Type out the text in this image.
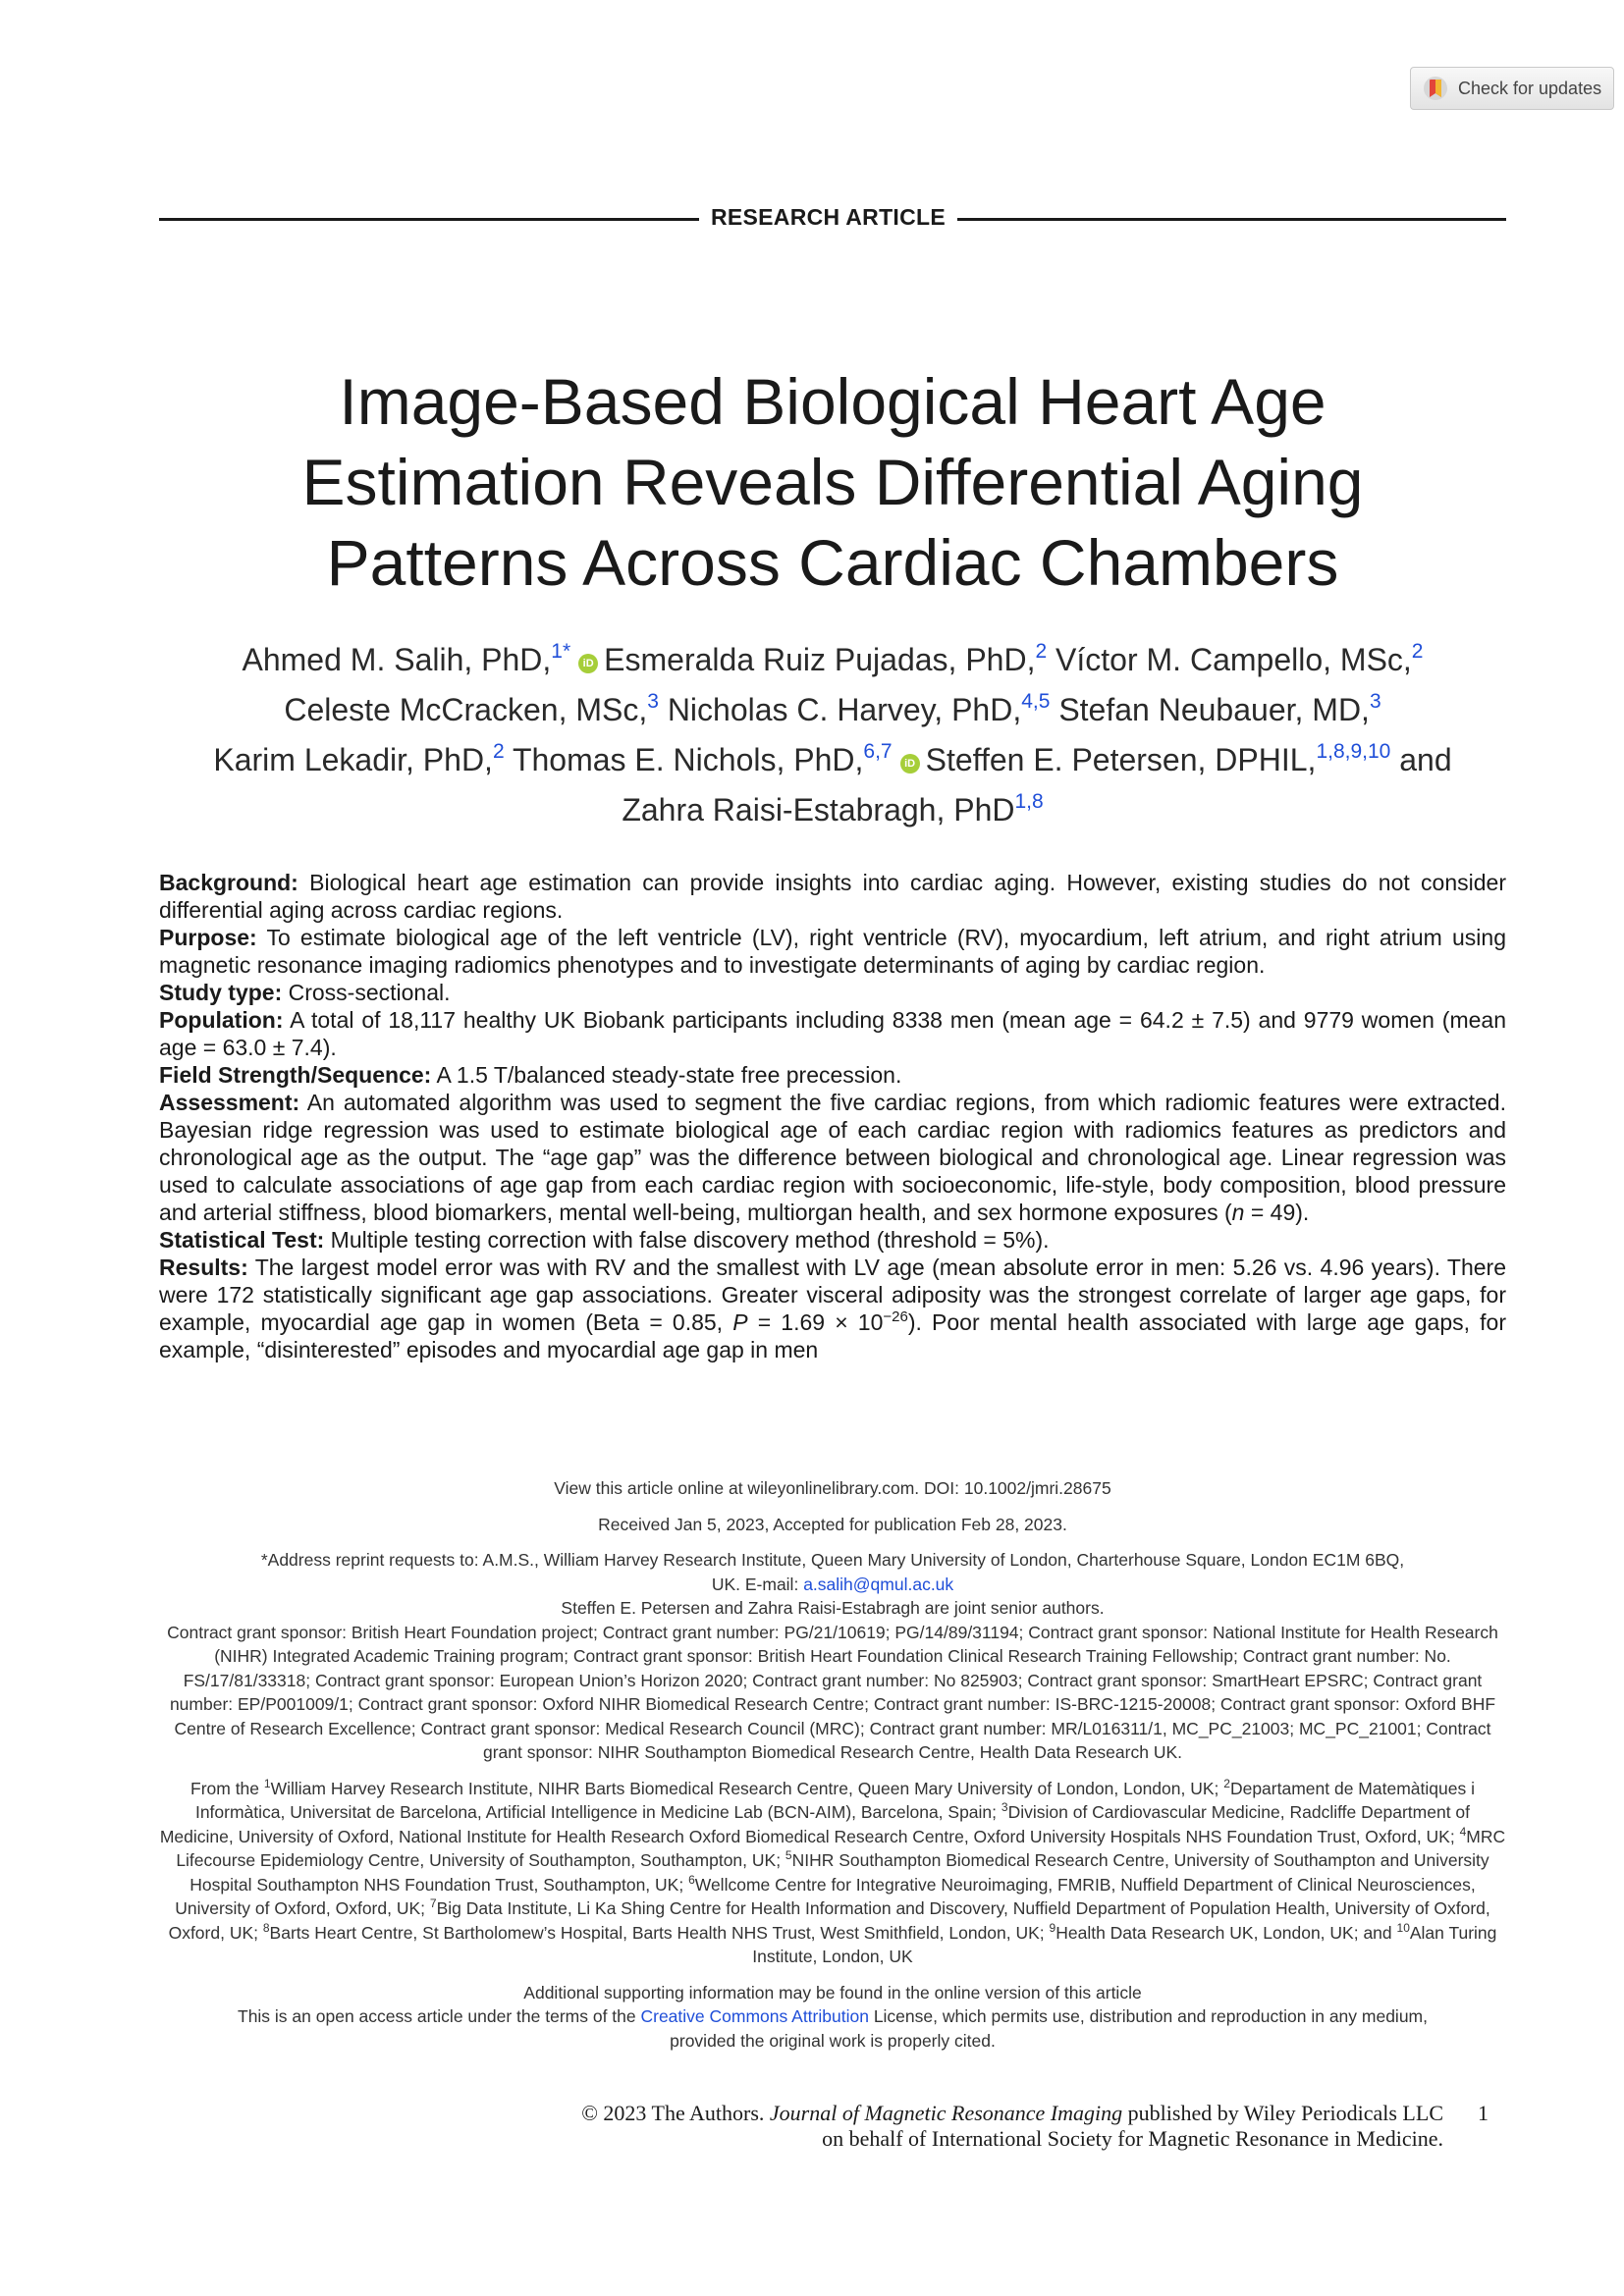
Check for updates
RESEARCH ARTICLE
Image-Based Biological Heart Age
Estimation Reveals Differential Aging
Patterns Across Cardiac Chambers
Ahmed M. Salih, PhD,$^{1*}$iD Esmeralda Ruiz Pujadas, PhD,$^2$ Víctor M. Campello, MSc,$^2$
Celeste McCracken, MSc,$^3$ Nicholas C. Harvey, PhD,$^{4,5}$ Stefan Neubauer, MD,$^3$
Karim Lekadir, PhD,$^2$ Thomas E. Nichols, PhD,$^{6,7}$iD Steffen E. Petersen, DPHIL,$^{1,8,9,10}$ and
Zahra Raisi-Estabragh, PhD$^{1,8}$

Background: Biological heart age estimation can provide insights into cardiac aging. However, existing studies do not consider differential aging across cardiac regions.

Purpose: To estimate biological age of the left ventricle (LV), right ventricle (RV), myocardium, left atrium, and right atrium using magnetic resonance imaging radiomics phenotypes and to investigate determinants of aging by cardiac region.

Study type: Cross-sectional.

Population: A total of 18,117 healthy UK Biobank participants including 8338 men (mean age = 64.2 ± 7.5) and 9779 women (mean age = 63.0 ± 7.4).

Field Strength/Sequence: A 1.5 T/balanced steady-state free precession.

Assessment: An automated algorithm was used to segment the five cardiac regions, from which radiomic features were extracted. Bayesian ridge regression was used to estimate biological age of each cardiac region with radiomics features as predictors and chronological age as the output. The “age gap” was the difference between biological and chronological age. Linear regression was used to calculate associations of age gap from each cardiac region with socioeconomic, life-style, body composition, blood pressure and arterial stiffness, blood biomarkers, mental well-being, multiorgan health, and sex hormone exposures (n = 49).

Statistical Test: Multiple testing correction with false discovery method (threshold = 5%).

Results: The largest model error was with RV and the smallest with LV age (mean absolute error in men: 5.26 vs. 4.96 years). There were 172 statistically significant age gap associations. Greater visceral adiposity was the strongest correlate of larger age gaps, for example, myocardial age gap in women (Beta = 0.85, $P = 1.69 \times 10^{-26}$). Poor mental health associated with large age gaps, for example, “disinterested” episodes and myocardial age gap in men

View this article online at wileyonlinelibrary.com. DOI: 10.1002/jmri.28675

Received Jan 5, 2023, Accepted for publication Feb 28, 2023.

*Address reprint requests to: A.M.S., William Harvey Research Institute, Queen Mary University of London, Charterhouse Square, London EC1M 6BQ,

UK. E-mail: a.salih@qmul.ac.uk

Steffen E. Petersen and Zahra Raisi-Estabragh are joint senior authors.

Contract grant sponsor: British Heart Foundation project; Contract grant number: PG/21/10619; PG/14/89/31194; Contract grant sponsor: National Institute for Health Research (NIHR) Integrated Academic Training program; Contract grant sponsor: British Heart Foundation Clinical Research Training Fellowship; Contract grant number: No. FS/17/81/33318; Contract grant sponsor: European Union’s Horizon 2020; Contract grant number: No 825903; Contract grant sponsor: SmartHeart EPSRC; Contract grant number: EP/P001009/1; Contract grant sponsor: Oxford NIHR Biomedical Research Centre; Contract grant number: IS-BRC-1215-20008; Contract grant sponsor: Oxford BHF Centre of Research Excellence; Contract grant sponsor: Medical Research Council (MRC); Contract grant number: MR/L016311/1, MC_PC_21003; MC_PC_21001; Contract grant sponsor: NIHR Southampton Biomedical Research Centre, Health Data Research UK.

From the $^1$William Harvey Research Institute, NIHR Barts Biomedical Research Centre, Queen Mary University of London, London, UK; $^2$Departament de Matemàtiques i Informàtica, Universitat de Barcelona, Artificial Intelligence in Medicine Lab (BCN-AIM), Barcelona, Spain; $^3$Division of Cardiovascular Medicine, Radcliffe Department of Medicine, University of Oxford, National Institute for Health Research Oxford Biomedical Research Centre, Oxford University Hospitals NHS Foundation Trust, Oxford, UK; $^4$MRC Lifecourse Epidemiology Centre, University of Southampton, Southampton, UK; $^5$NIHR Southampton Biomedical Research Centre, University of Southampton and University Hospital Southampton NHS Foundation Trust, Southampton, UK; $^6$Wellcome Centre for Integrative Neuroimaging, FMRIB, Nuffield Department of Clinical Neurosciences, University of Oxford, Oxford, UK; $^7$Big Data Institute, Li Ka Shing Centre for Health Information and Discovery, Nuffield Department of Population Health, University of Oxford, Oxford, UK; $^8$Barts Heart Centre, St Bartholomew’s Hospital, Barts Health NHS Trust, West Smithfield, London, UK; $^9$Health Data Research UK, London, UK; and $^{10}$Alan Turing Institute, London, UK

Additional supporting information may be found in the online version of this article

This is an open access article under the terms of the Creative Commons Attribution License, which permits use, distribution and reproduction in any medium,

provided the original work is properly cited.

© 2023 The Authors. Journal of Magnetic Resonance Imaging published by Wiley Periodicals LLC

on behalf of International Society for Magnetic Resonance in Medicine.

1
